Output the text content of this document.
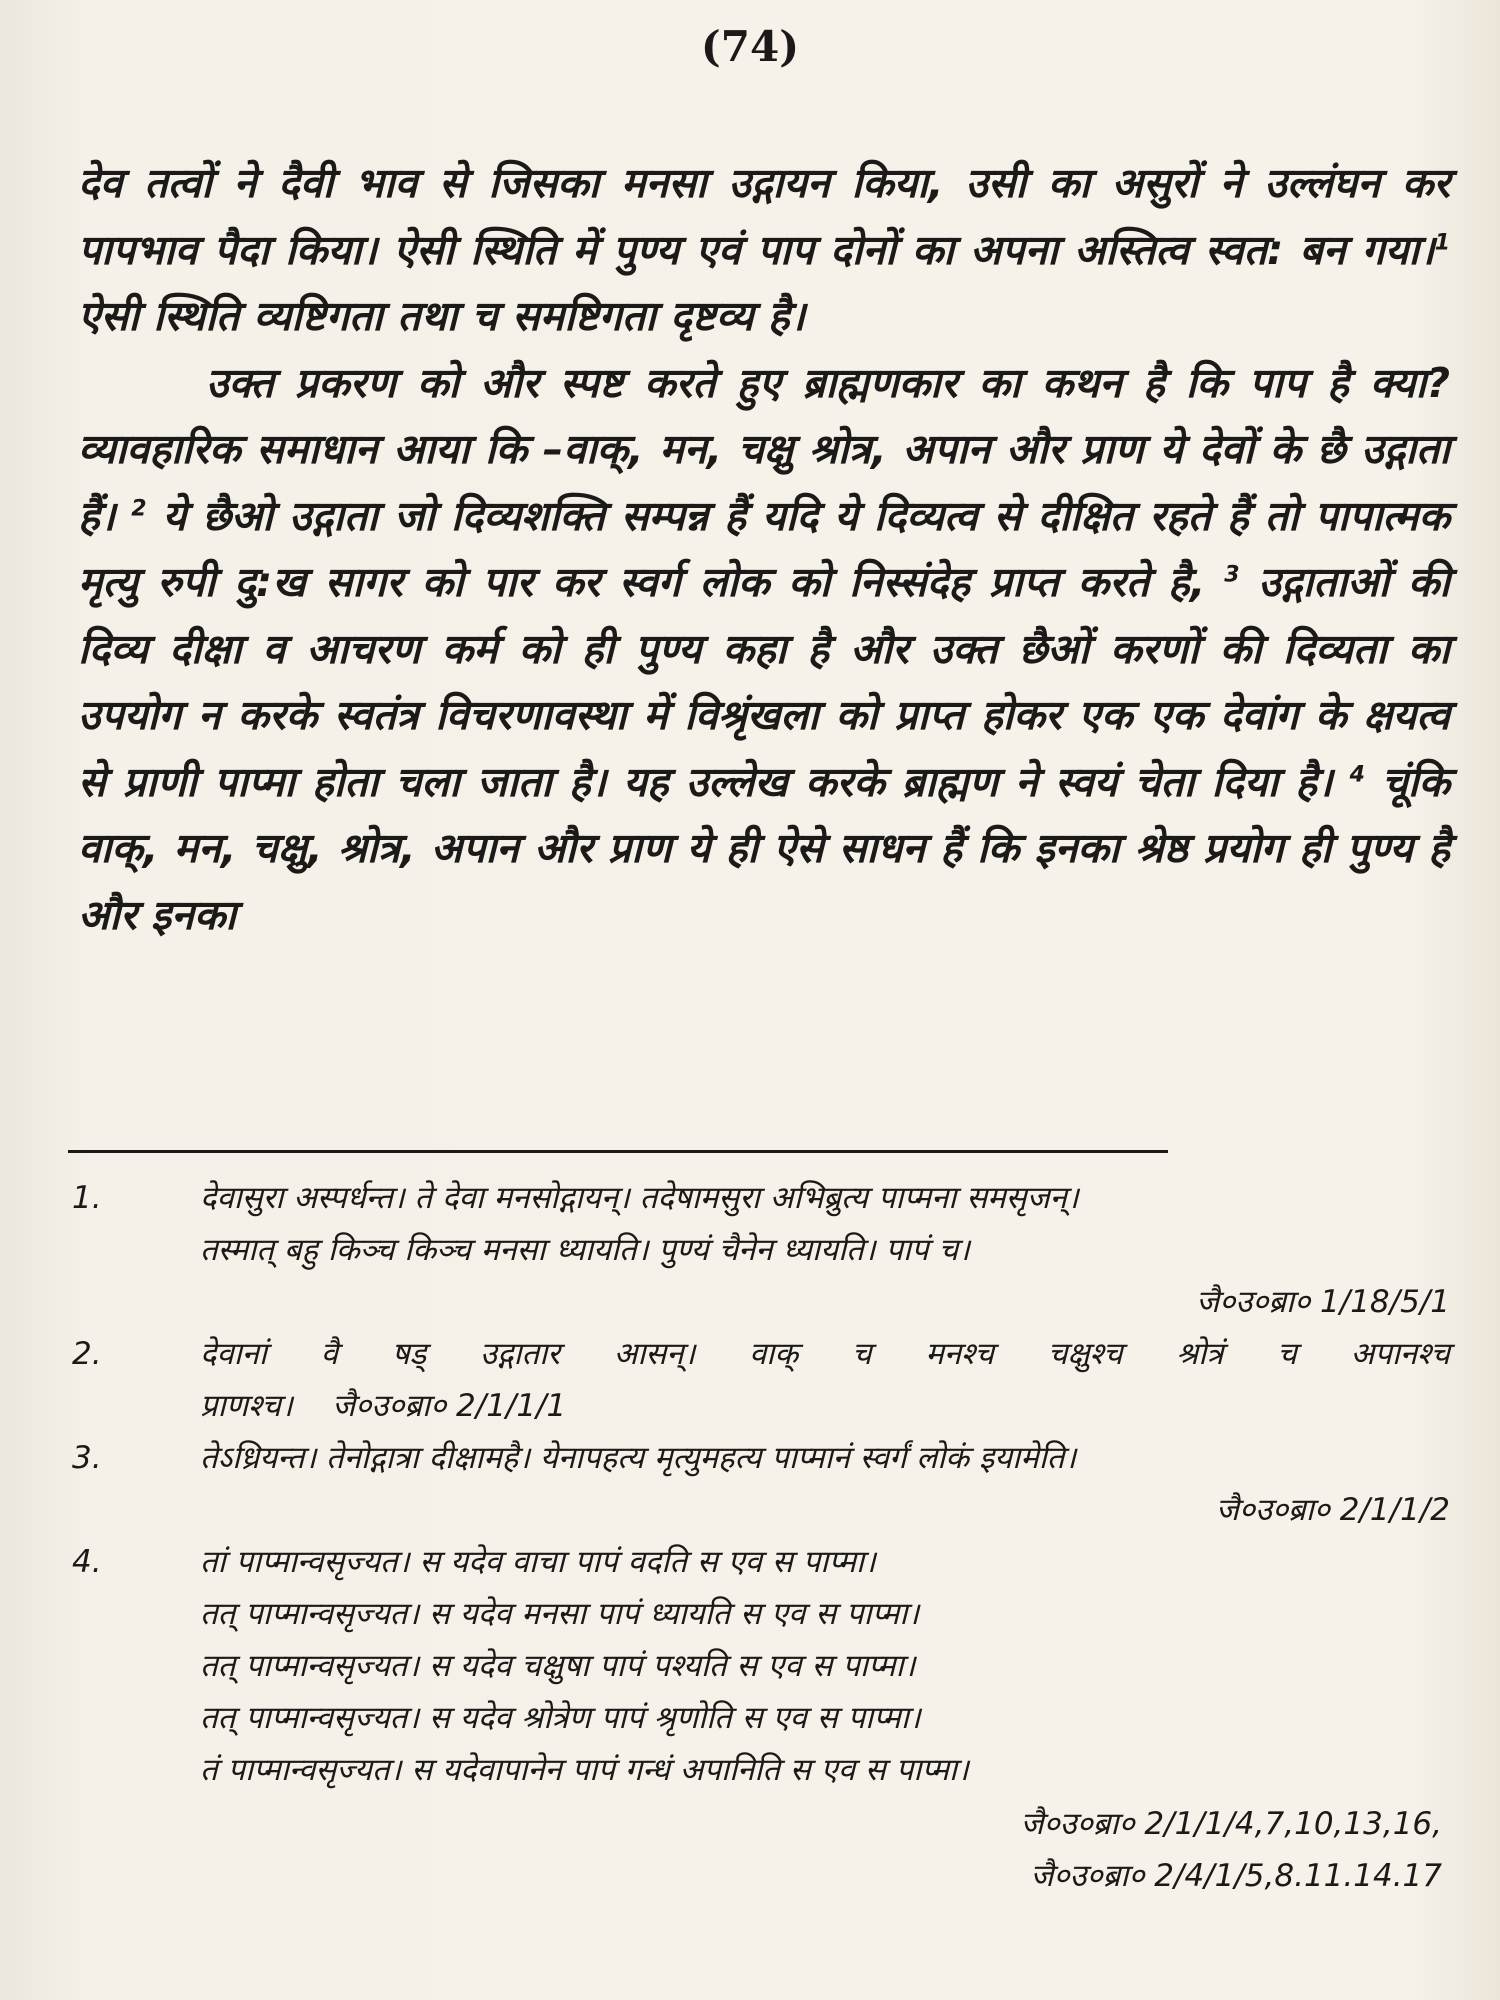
(74)

देव तत्वों ने दैवी भाव से जिसका मनसा उद्गायन किया, उसी का असुरों ने उल्लंघन कर पापभाव पैदा किया। ऐसी स्थिति में पुण्य एवं पाप दोनों का अपना अस्तित्व स्वत: बन गया।$^1$ ऐसी स्थिति व्यष्टिगता तथा च समष्टिगता दृष्टव्य है।

उक्त प्रकरण को और स्पष्ट करते हुए ब्राह्मणकार का कथन है कि पाप है क्या? व्यावहारिक समाधान आया कि –वाक्, मन, चक्षु श्रोत्र, अपान और प्राण ये देवों के छै उद्गाता हैं। $^2$ ये छैओ उद्गाता जो दिव्यशक्ति सम्पन्न हैं यदि ये दिव्यत्व से दीक्षित रहते हैं तो पापात्मक मृत्यु रुपी दु:ख सागर को पार कर स्वर्ग लोक को निस्संदेह प्राप्त करते है, $^3$ उद्गाताओं की दिव्य दीक्षा व आचरण कर्म को ही पुण्य कहा है और उक्त छैओं करणों की दिव्यता का उपयोग न करके स्वतंत्र विचरणावस्था में विश्रृंखला को प्राप्त होकर एक एक देवांग के क्षयत्व से प्राणी पाप्मा होता चला जाता है। यह उल्लेख करके ब्राह्मण ने स्वयं चेता दिया है। $^4$ चूंकि वाक्, मन, चक्षु, श्रोत्र, अपान और प्राण ये ही ऐसे साधन हैं कि इनका श्रेष्ठ प्रयोग ही पुण्य है और इनका

1.	देवासुरा अस्पर्धन्त। ते देवा मनसोद्गायन्। तदेषामसुरा अभिब्रुत्य पाप्मना समसृजन्।
तस्मात् बहु किञ्च किञ्च मनसा ध्यायति। पुण्यं चैनेन ध्यायति। पापं च।
जै०उ०ब्रा० 1/18/5/1
2.	देवानां वै षड् उद्गातार आसन्। वाक् च मनश्च चक्षुश्च श्रोत्रं च अपानश्च
प्राणश्च।    जै०उ०ब्रा० 2/1/1/1
3.	तेऽध्रियन्त। तेनोद्गात्रा दीक्षामहै। येनापहत्य मृत्युमहत्य पाप्मानं स्वर्गं लोकं इयामेति।
जै०उ०ब्रा० 2/1/1/2
4.	तां पाप्मान्वसृज्यत। स यदेव वाचा पापं वदति स एव स पाप्मा।
तत् पाप्मान्वसृज्यत। स यदेव मनसा पापं ध्यायति स एव स पाप्मा।
तत् पाप्मान्वसृज्यत। स यदेव चक्षुषा पापं पश्यति स एव स पाप्मा।
तत् पाप्मान्वसृज्यत। स यदेव श्रोत्रेण पापं श्रृणोति स एव स पाप्मा।
तं पाप्मान्वसृज्यत। स यदेवापानेन पापं गन्धं अपानिति स एव स पाप्मा।
जै०उ०ब्रा० 2/1/1/4,7,10,13,16,
जै०उ०ब्रा० 2/4/1/5,8.11.14.17
